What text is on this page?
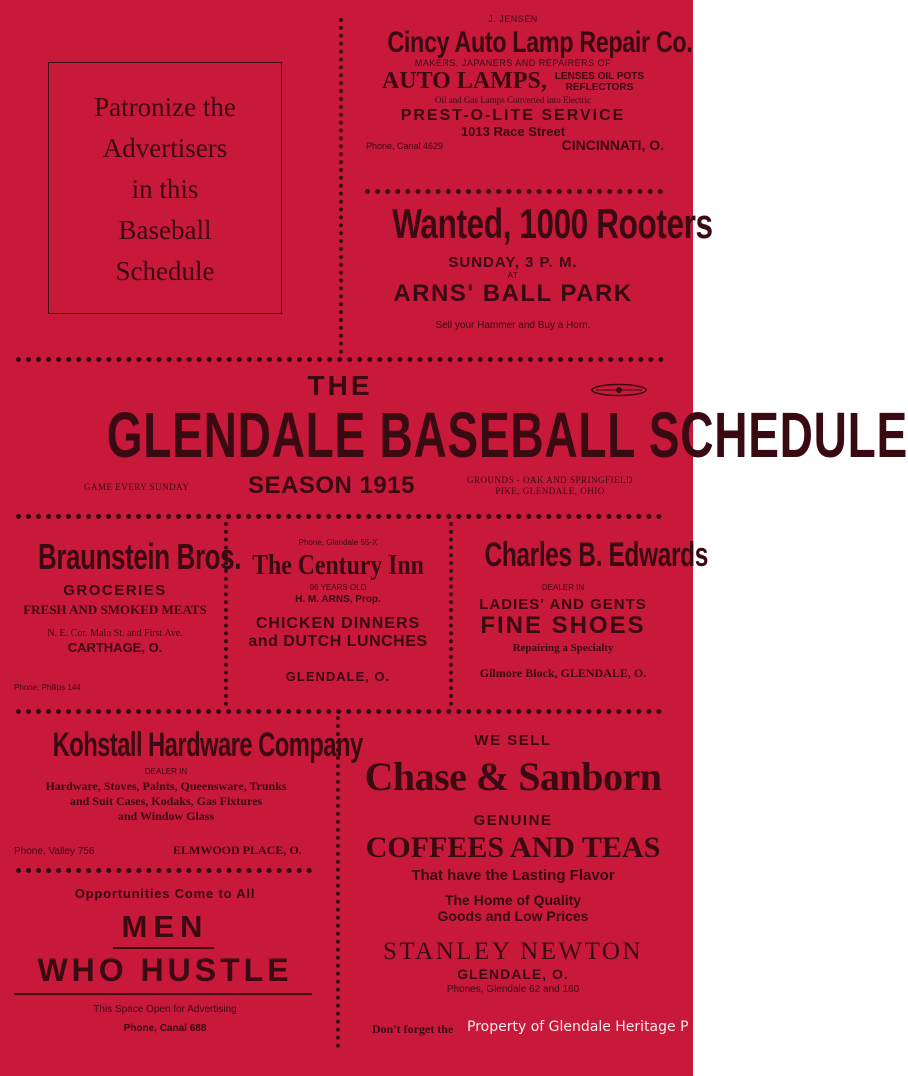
Patronize the
Advertisers
in this
Baseball
Schedule
J. JENSEN
Cincy Auto Lamp Repair Co.
MAKERS, JAPANERS AND REPAIRERS OF
AUTO LAMPS, LENSES OIL POTS
REFLECTORS
Oil and Gas Lamps Converted into Electric
PREST-O-LITE SERVICE
1013 Race Street
Phone, Canal 4629	CINCINNATI, O.
Wanted, 1000 Rooters
SUNDAY, 3 P. M.
AT
ARNS' BALL PARK
Sell your Hammer and Buy a Horn.
THE
GLENDALE BASEBALL SCHEDULE
GAME EVERY SUNDAY SEASON 1915	GROUNDS - OAK AND SPRINGFIELD
PIKE, GLENDALE, OHIO
Braunstein Bros.
GROCERIES
FRESH AND SMOKED MEATS
N. E. Cor. Main St. and First Ave.
CARTHAGE, O.
Phone, Philips 144
Phone, Glendale 55-X
The Century Inn
96 YEARS OLD
H. M. ARNS, Prop.
CHICKEN DINNERS
and DUTCH LUNCHES
GLENDALE, O.
Charles B. Edwards
DEALER IN
LADIES' AND GENTS
FINE SHOES
Repairing a Specialty
Gilmore Block, GLENDALE, O.
Kohstall Hardware Company
DEALER IN
Hardware, Stoves, Paints, Queensware, Trunks
and Suit Cases, Kodaks, Gas Fixtures
and Window Glass
Phone, Valley 756	ELMWOOD PLACE, O.
Opportunities Come to All
MEN
WHO HUSTLE
This Space Open for Advertising
Phone, Canal 688
WE SELL
Chase & Sanborn
GENUINE
COFFEES AND TEAS
That have the Lasting Flavor
The Home of Quality
Goods and Low Prices
STANLEY NEWTON
GLENDALE, O.
Phones, Glendale 62 and 160
Don't forget the Property of Glendale Heritage P
